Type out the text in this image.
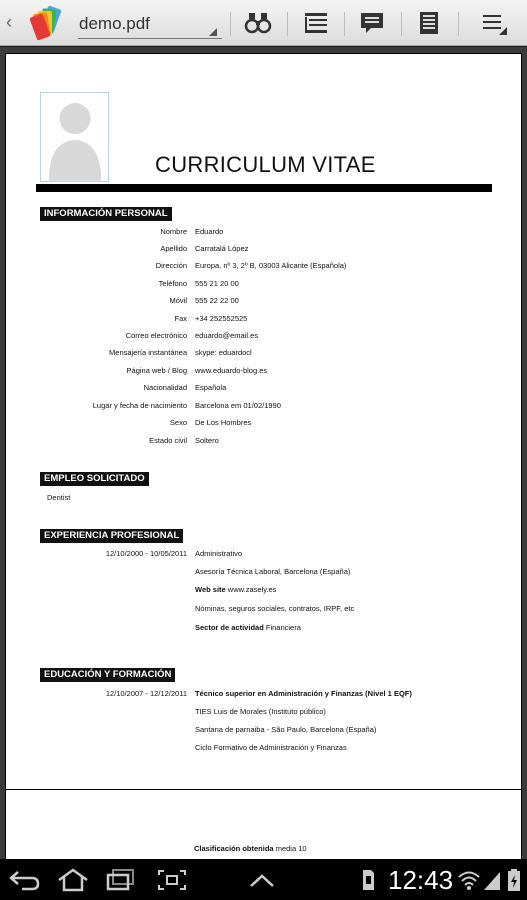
‹	demo.pdf
CURRICULUM VITAE
INFORMACIÓN PERSONAL
Nombre Eduardo
Apellido Carratalá López
Dirección Europa, nº 3, 2º B, 03003 Alicante (Española)
Teléfono 555 21 20 00
Móvil 555 22 22 00
Fax +34 252552525
Correo electrónico eduardo@email.es
Mensajería instantánea skype: eduardocl
Página web / Blog www.eduardo-blog.es
Nacionalidad Española
Lugar y fecha de nacimiento Barcelona em 01/02/1990
Sexo De Los Hombres
Estado civil Soltero
EMPLEO SOLICITADO
Dentist
EXPERIENCIA PROFESIONAL
12/10/2000 - 10/05/2011 Administrativo
Asesoría Técnica Laboral, Barcelona (España)
Web site www.zasely.es
Nóminas, seguros sociales, contratos, IRPF, etc
Sector de actividad Financiera
EDUCACIÓN Y FORMACIÓN
12/10/2007 - 12/12/2011 Técnico superior en Administración y Finanzas (Nivel 1 EQF)
TIES Luis de Morales (Instituto público)
Santana de parnaiba - São Paulo, Barcelona (España)
Ciclo Formativo de Administración y Finanzas
Clasificación obtenida media 10
12:43
